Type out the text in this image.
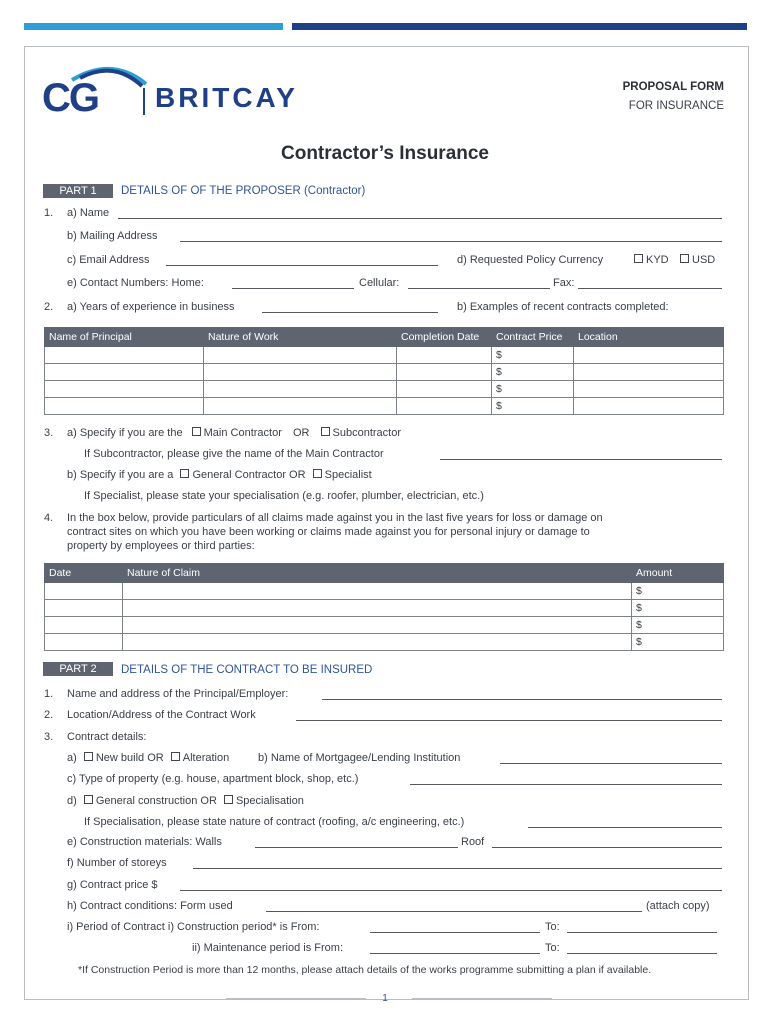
CG BRITCAY	PROPOSAL FORM
FOR INSURANCE
Contractor’s Insurance
PART 1	DETAILS OF OF THE PROPOSER (Contractor)
1. a) Name
b) Mailing Address
c) Email Address	d) Requested Policy Currency	KYD	USD
e) Contact Numbers: Home:	Cellular:	Fax:
2. a) Years of experience in business	b) Examples of recent contracts completed:
Name of Principal	Nature of Work	Completion Date	Contract Price	Location
			$	
			$	
			$	
			$	
3. a) Specify if you are the Main Contractor OR Subcontractor
If Subcontractor, please give the name of the Main Contractor
b) Specify if you are a General Contractor OR Specialist
If Specialist, please state your specialisation (e.g. roofer, plumber, electrician, etc.)
4. In the box below, provide particulars of all claims made against you in the last five years for loss or damage on
contract sites on which you have been working or claims made against you for personal injury or damage to
property by employees or third parties:
Date	Nature of Claim	Amount
		$
		$
		$
		$
PART 2	DETAILS OF THE CONTRACT TO BE INSURED
1. Name and address of the Principal/Employer:
2. Location/Address of the Contract Work
3. Contract details:
a) New build OR Alteration	b) Name of Mortgagee/Lending Institution
c) Type of property (e.g. house, apartment block, shop, etc.)
d) General construction OR Specialisation
If Specialisation, please state nature of contract (roofing, a/c engineering, etc.)
e) Construction materials: Walls	Roof
f) Number of storeys
g) Contract price $
h) Contract conditions: Form used	(attach copy)
i) Period of Contract i) Construction period* is From:	To:
ii) Maintenance period is From:	To:
*If Construction Period is more than 12 months, please attach details of the works programme submitting a plan if available.
1
